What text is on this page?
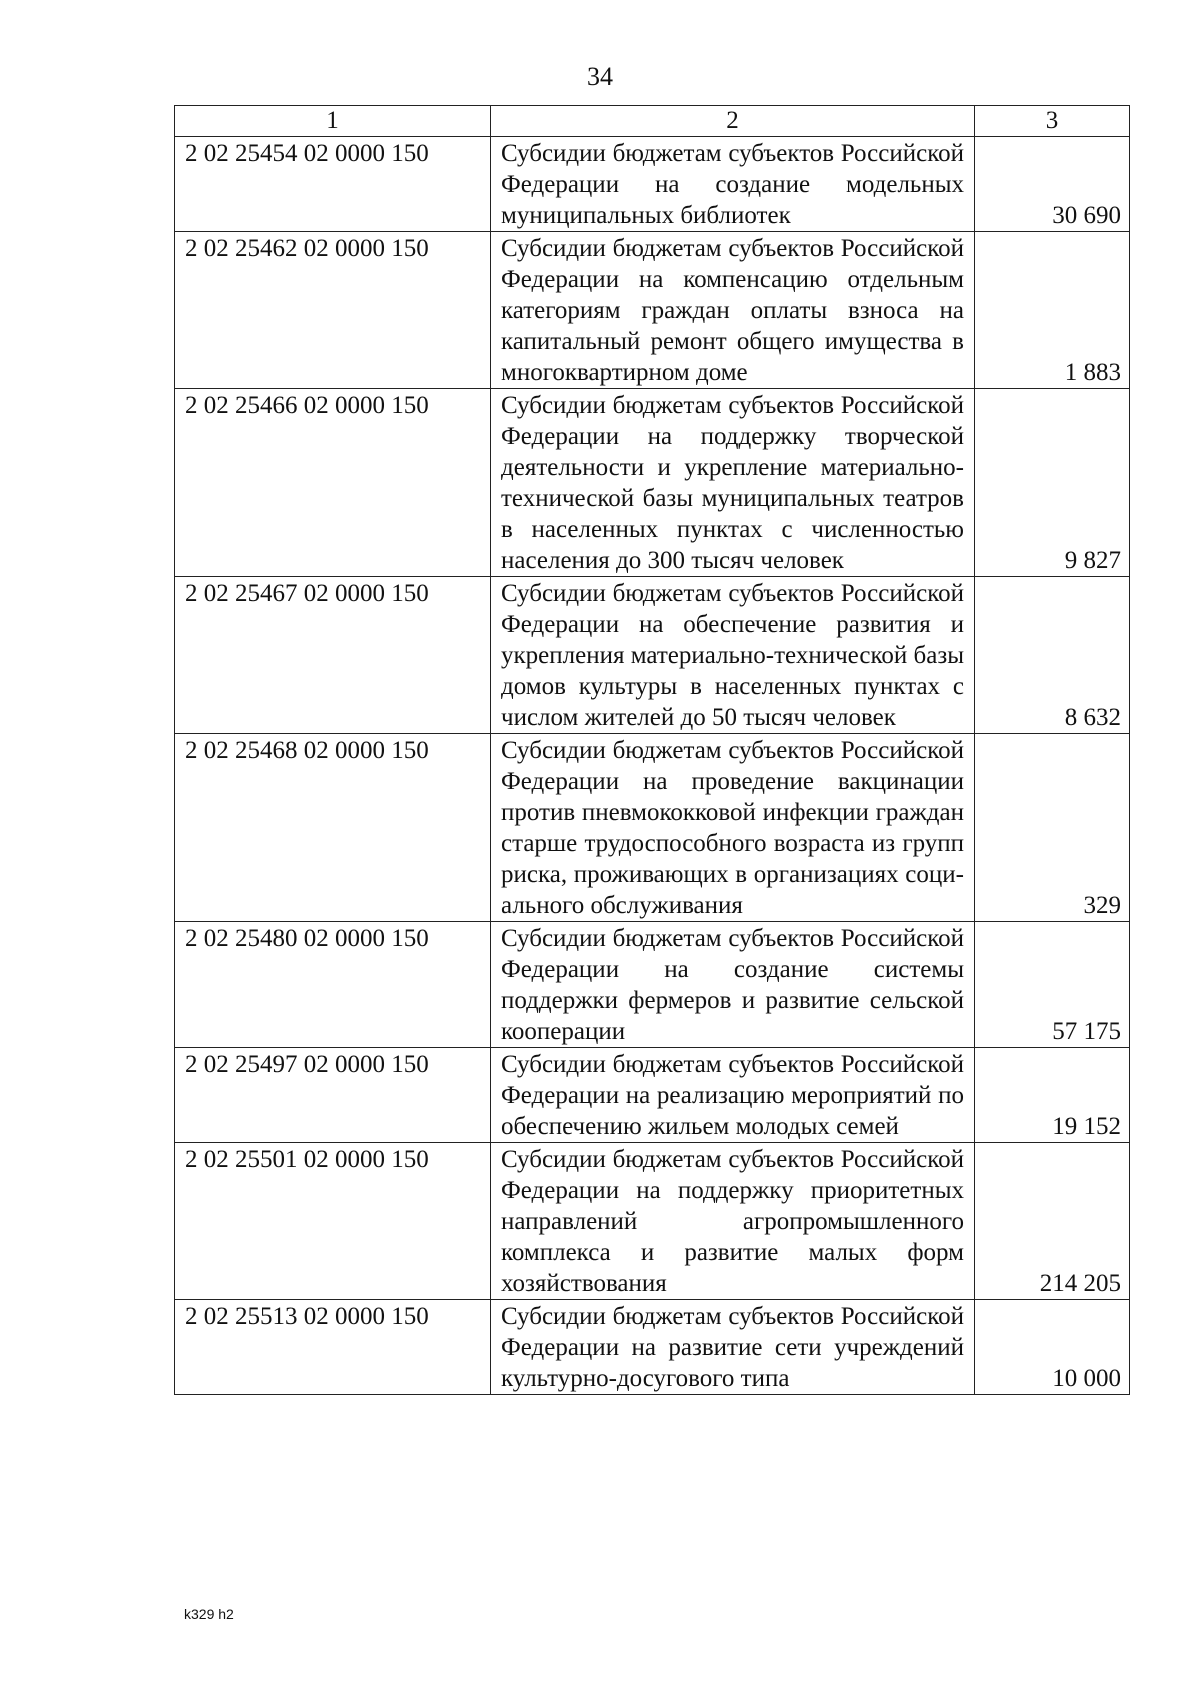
34
1	2	3
2 02 25454 02 0000 150	Субсидии бюджетам субъектов Российской Федерации на создание модельных муниципальных библиотек	30 690
2 02 25462 02 0000 150	Субсидии бюджетам субъектов Российской Федерации на компенсацию отдельным категориям граждан оплаты взноса на капитальный ремонт общего имущества в многоквартирном доме	1 883
2 02 25466 02 0000 150	Субсидии бюджетам субъектов Российской Федерации на поддержку творческой деятельности и укрепление материально-технической базы муниципальных театров в населенных пунктах с численностью населения до 300 тысяч человек	9 827
2 02 25467 02 0000 150	Субсидии бюджетам субъектов Российской Федерации на обеспечение развития и укрепления материально-технической базы домов культуры в населенных пунктах с числом жителей до 50 тысяч человек	8 632
2 02 25468 02 0000 150	Субсидии бюджетам субъектов Российской Федерации на проведение вакцинации против пневмококковой инфекции граждан старше трудоспособного возраста из групп риска, проживающих в организациях социального обслуживания	329
2 02 25480 02 0000 150	Субсидии бюджетам субъектов Российской Федерации на создание системы поддержки фермеров и развитие сельской кооперации	57 175
2 02 25497 02 0000 150	Субсидии бюджетам субъектов Российской Федерации на реализацию мероприятий по обеспечению жильем молодых семей	19 152
2 02 25501 02 0000 150	Субсидии бюджетам субъектов Российской Федерации на поддержку приоритетных направлений агропромышленного комплекса и развитие малых форм хозяйствования	214 205
2 02 25513 02 0000 150	Субсидии бюджетам субъектов Российской Федерации на развитие сети учреждений культурно-досугового типа	10 000
k329 h2
